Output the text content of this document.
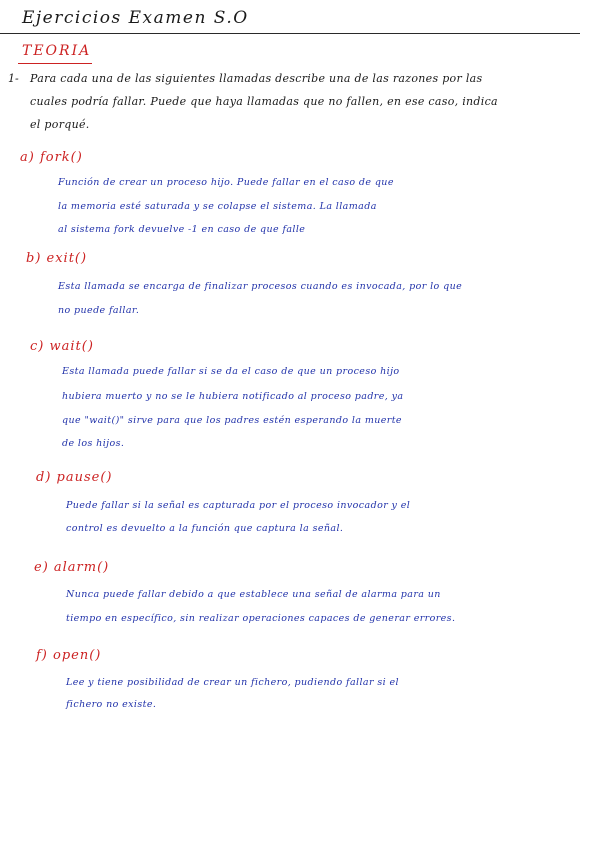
Ejercicios Examen S.O
TEORIA
1- Para cada una de las siguientes llamadas describe una de las razones por las
cuales podría fallar. Puede que haya llamadas que no fallen, en ese caso, indica
el porqué.
a) fork()
Función de crear un proceso hijo. Puede fallar en el caso de que
la memoria esté saturada y se colapse el sistema. La llamada
al sistema fork devuelve -1 en caso de que falle
b) exit()
Esta llamada se encarga de finalizar procesos cuando es invocada, por lo que
no puede fallar.
c) wait()
Esta llamada puede fallar si se da el caso de que un proceso hijo
hubiera muerto y no se le hubiera notificado al proceso padre, ya
que "wait()" sirve para que los padres estén esperando la muerte
de los hijos.
d) pause()
Puede fallar si la señal es capturada por el proceso invocador y el
control es devuelto a la función que captura la señal.
e) alarm()
Nunca puede fallar debido a que establece una señal de alarma para un
tiempo en específico, sin realizar operaciones capaces de generar errores.
f) open()
Lee y tiene posibilidad de crear un fichero, pudiendo fallar si el
fichero no existe.
